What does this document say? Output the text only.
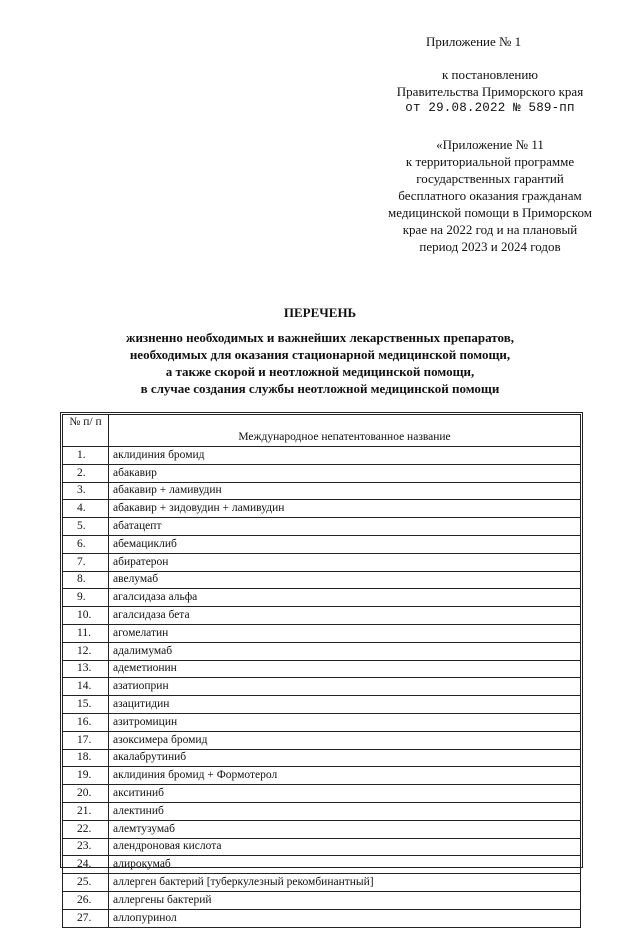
Приложение № 1
к постановлению
Правительства Приморского края
от 29.08.2022 № 589-пп
«Приложение № 11
к территориальной программе
государственных гарантий
бесплатного оказания гражданам
медицинской помощи в Приморском
крае на 2022 год и на плановый
период 2023 и 2024 годов
ПЕРЕЧЕНЬ
жизненно необходимых и важнейших лекарственных препаратов,
необходимых для оказания стационарной медицинской помощи,
а также скорой и неотложной медицинской помощи,
в случае создания службы неотложной медицинской помощи
№ п/ п	Международное непатентованное название
1.	аклидиния бромид
2.	абакавир
3.	абакавир + ламивудин
4.	абакавир + зидовудин + ламивудин
5.	абатацепт
6.	абемациклиб
7.	абиратерон
8.	авелумаб
9.	агалсидаза альфа
10.	агалсидаза бета
11.	агомелатин
12.	адалимумаб
13.	адеметионин
14.	азатиоприн
15.	азацитидин
16.	азитромицин
17.	азоксимера бромид
18.	акалабрутиниб
19.	аклидиния бромид + Формотерол
20.	акситиниб
21.	алектиниб
22.	алемтузумаб
23.	алендроновая кислота
24.	алирокумаб
25.	аллерген бактерий [туберкулезный рекомбинантный]
26.	аллергены бактерий
27.	аллопуринол
